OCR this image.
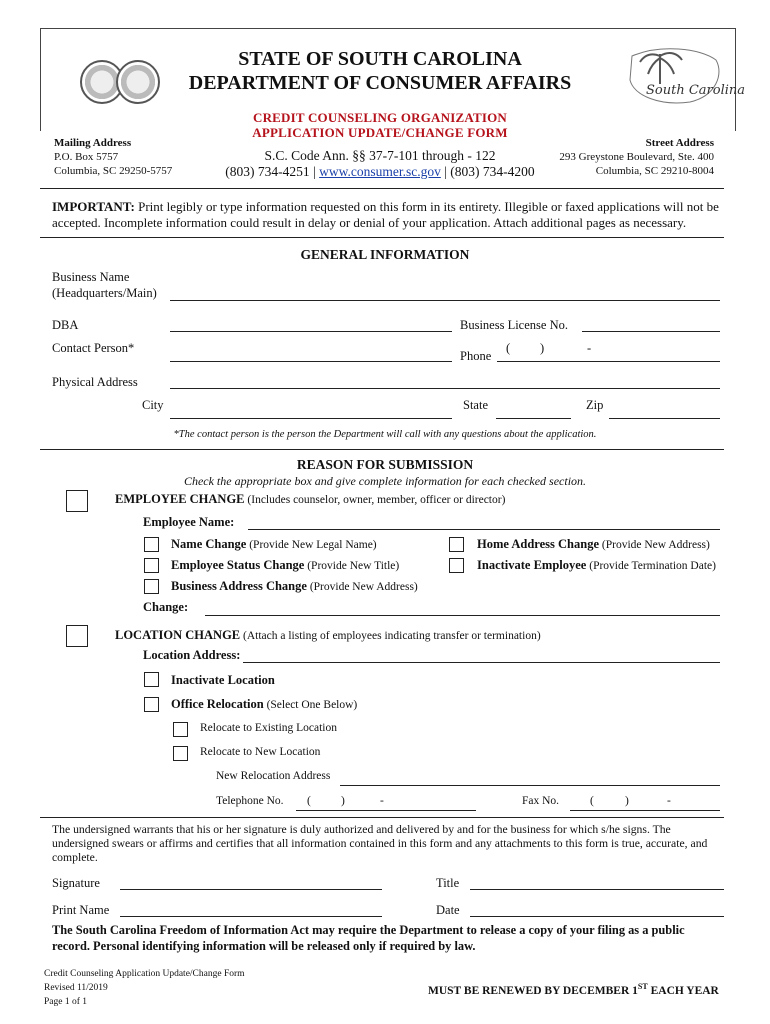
South Carolina
STATE OF SOUTH CAROLINA
DEPARTMENT OF CONSUMER AFFAIRS
CREDIT COUNSELING ORGANIZATION
APPLICATION UPDATE/CHANGE FORM
Mailing Address
P.O. Box 5757
Columbia, SC 29250-5757
S.C. Code Ann. §§ 37-7-101 through - 122
(803) 734-4251 | www.consumer.sc.gov | (803) 734-4200
Street Address
293 Greystone Boulevard, Ste. 400
Columbia, SC 29210-8004
IMPORTANT: Print legibly or type information requested on this form in its entirety. Illegible or faxed applications will not be
accepted. Incomplete information could result in delay or denial of your application. Attach additional pages as necessary.
GENERAL INFORMATION
Business Name
(Headquarters/Main)
DBA	Business License No.
Contact Person*
Phone
( )	-
Physical Address
City	State	Zip
*The contact person is the person the Department will call with any questions about the application.
REASON FOR SUBMISSION
Check the appropriate box and give complete information for each checked section.
EMPLOYEE CHANGE (Includes counselor, owner, member, officer or director)
Employee Name:
Name Change (Provide New Legal Name)	Home Address Change (Provide New Address)
Employee Status Change (Provide New Title)	Inactivate Employee (Provide Termination Date)
Business Address Change (Provide New Address)
Change:
LOCATION CHANGE (Attach a listing of employees indicating transfer or termination)
Location Address:
Inactivate Location
Office Relocation (Select One Below)
Relocate to Existing Location
Relocate to New Location
New Relocation Address
Telephone No. (	)	-	Fax No.	(	)	-
The undersigned warrants that his or her signature is duly authorized and delivered by and for the business for which s/he signs. The
undersigned swears or affirms and certifies that all information contained in this form and any attachments to this form is true, accurate, and
complete.
Signature	Title
Print Name	Date
The South Carolina Freedom of Information Act may require the Department to release a copy of your filing as a public
record. Personal identifying information will be released only if required by law.
Credit Counseling Application Update/Change Form
Revised 11/2019
Page 1 of 1
MUST BE RENEWED BY DECEMBER 1ST EACH YEAR
